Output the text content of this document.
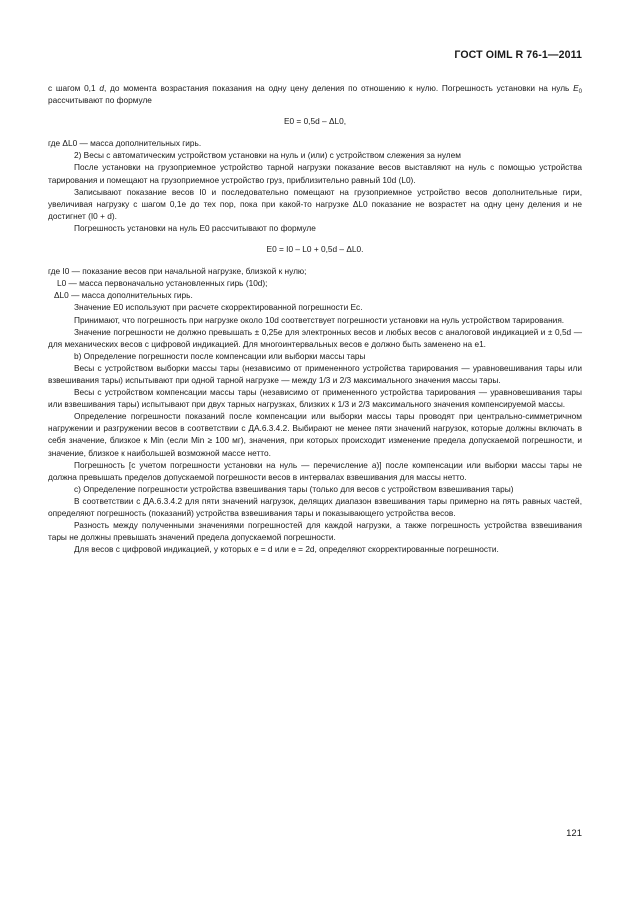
ГОСТ OIML R 76-1—2011

с шагом 0,1 d, до момента возрастания показания на одну цену деления по отношению к нулю. Погрешность установки на нуль $E_0$ рассчитывают по формуле

E0 = 0,5d – ΔL0,

где ΔL0 — масса дополнительных гирь.

2) Весы с автоматическим устройством установки на нуль и (или) с устройством слежения за нулем

После установки на грузоприемное устройство тарной нагрузки показание весов выставляют на нуль с помощью устройства тарирования и помещают на грузоприемное устройство груз, приблизительно равный 10d (L0).

Записывают показание весов I0 и последовательно помещают на грузоприемное устройство весов дополнительные гири, увеличивая нагрузку с шагом 0,1e до тех пор, пока при какой-то нагрузке ΔL0 показание не возрастет на одну цену деления и не достигнет (I0 + d).

Погрешность установки на нуль E0 рассчитывают по формуле

E0 = I0 – L0 + 0,5d – ΔL0.

где I0 — показание весов при начальной нагрузке, близкой к нулю;

L0 — масса первоначально установленных гирь (10d);

ΔL0 — масса дополнительных гирь.

Значение E0 используют при расчете скорректированной погрешности Ec.

Принимают, что погрешность при нагрузке около 10d соответствует погрешности установки на нуль устройством тарирования.

Значение погрешности не должно превышать ± 0,25e для электронных весов и любых весов с аналоговой индикацией и ± 0,5d — для механических весов с цифровой индикацией. Для многоинтервальных весов e должно быть заменено на e1.

b) Определение погрешности после компенсации или выборки массы тары

Весы с устройством выборки массы тары (независимо от примененного устройства тарирования — уравновешивания тары или взвешивания тары) испытывают при одной тарной нагрузке — между 1/3 и 2/3 максимального значения массы тары.

Весы с устройством компенсации массы тары (независимо от примененного устройства тарирования — уравновешивания тары или взвешивания тары) испытывают при двух тарных нагрузках, близких к 1/3 и 2/3 максимального значения компенсируемой массы.

Определение погрешности показаний после компенсации или выборки массы тары проводят при центрально-симметричном нагружении и разгружении весов в соответствии с ДА.6.3.4.2. Выбирают не менее пяти значений нагрузок, которые должны включать в себя значение, близкое к Min (если Min ≥ 100 мг), значения, при которых происходит изменение предела допускаемой погрешности, и значение, близкое к наибольшей возможной массе нетто.

Погрешность [с учетом погрешности установки на нуль — перечисление а)] после компенсации или выборки массы тары не должна превышать пределов допускаемой погрешности весов в интервалах взвешивания для массы нетто.

с) Определение погрешности устройства взвешивания тары (только для весов с устройством взвешивания тары)

В соответствии с ДА.6.3.4.2 для пяти значений нагрузок, делящих диапазон взвешивания тары примерно на пять равных частей, определяют погрешность (показаний) устройства взвешивания тары и показывающего устройства весов.

Разность между полученными значениями погрешностей для каждой нагрузки, а также погрешность устройства взвешивания тары не должны превышать значений предела допускаемой погрешности.

Для весов с цифровой индикацией, у которых e = d или e = 2d, определяют скорректированные погрешности.

121
